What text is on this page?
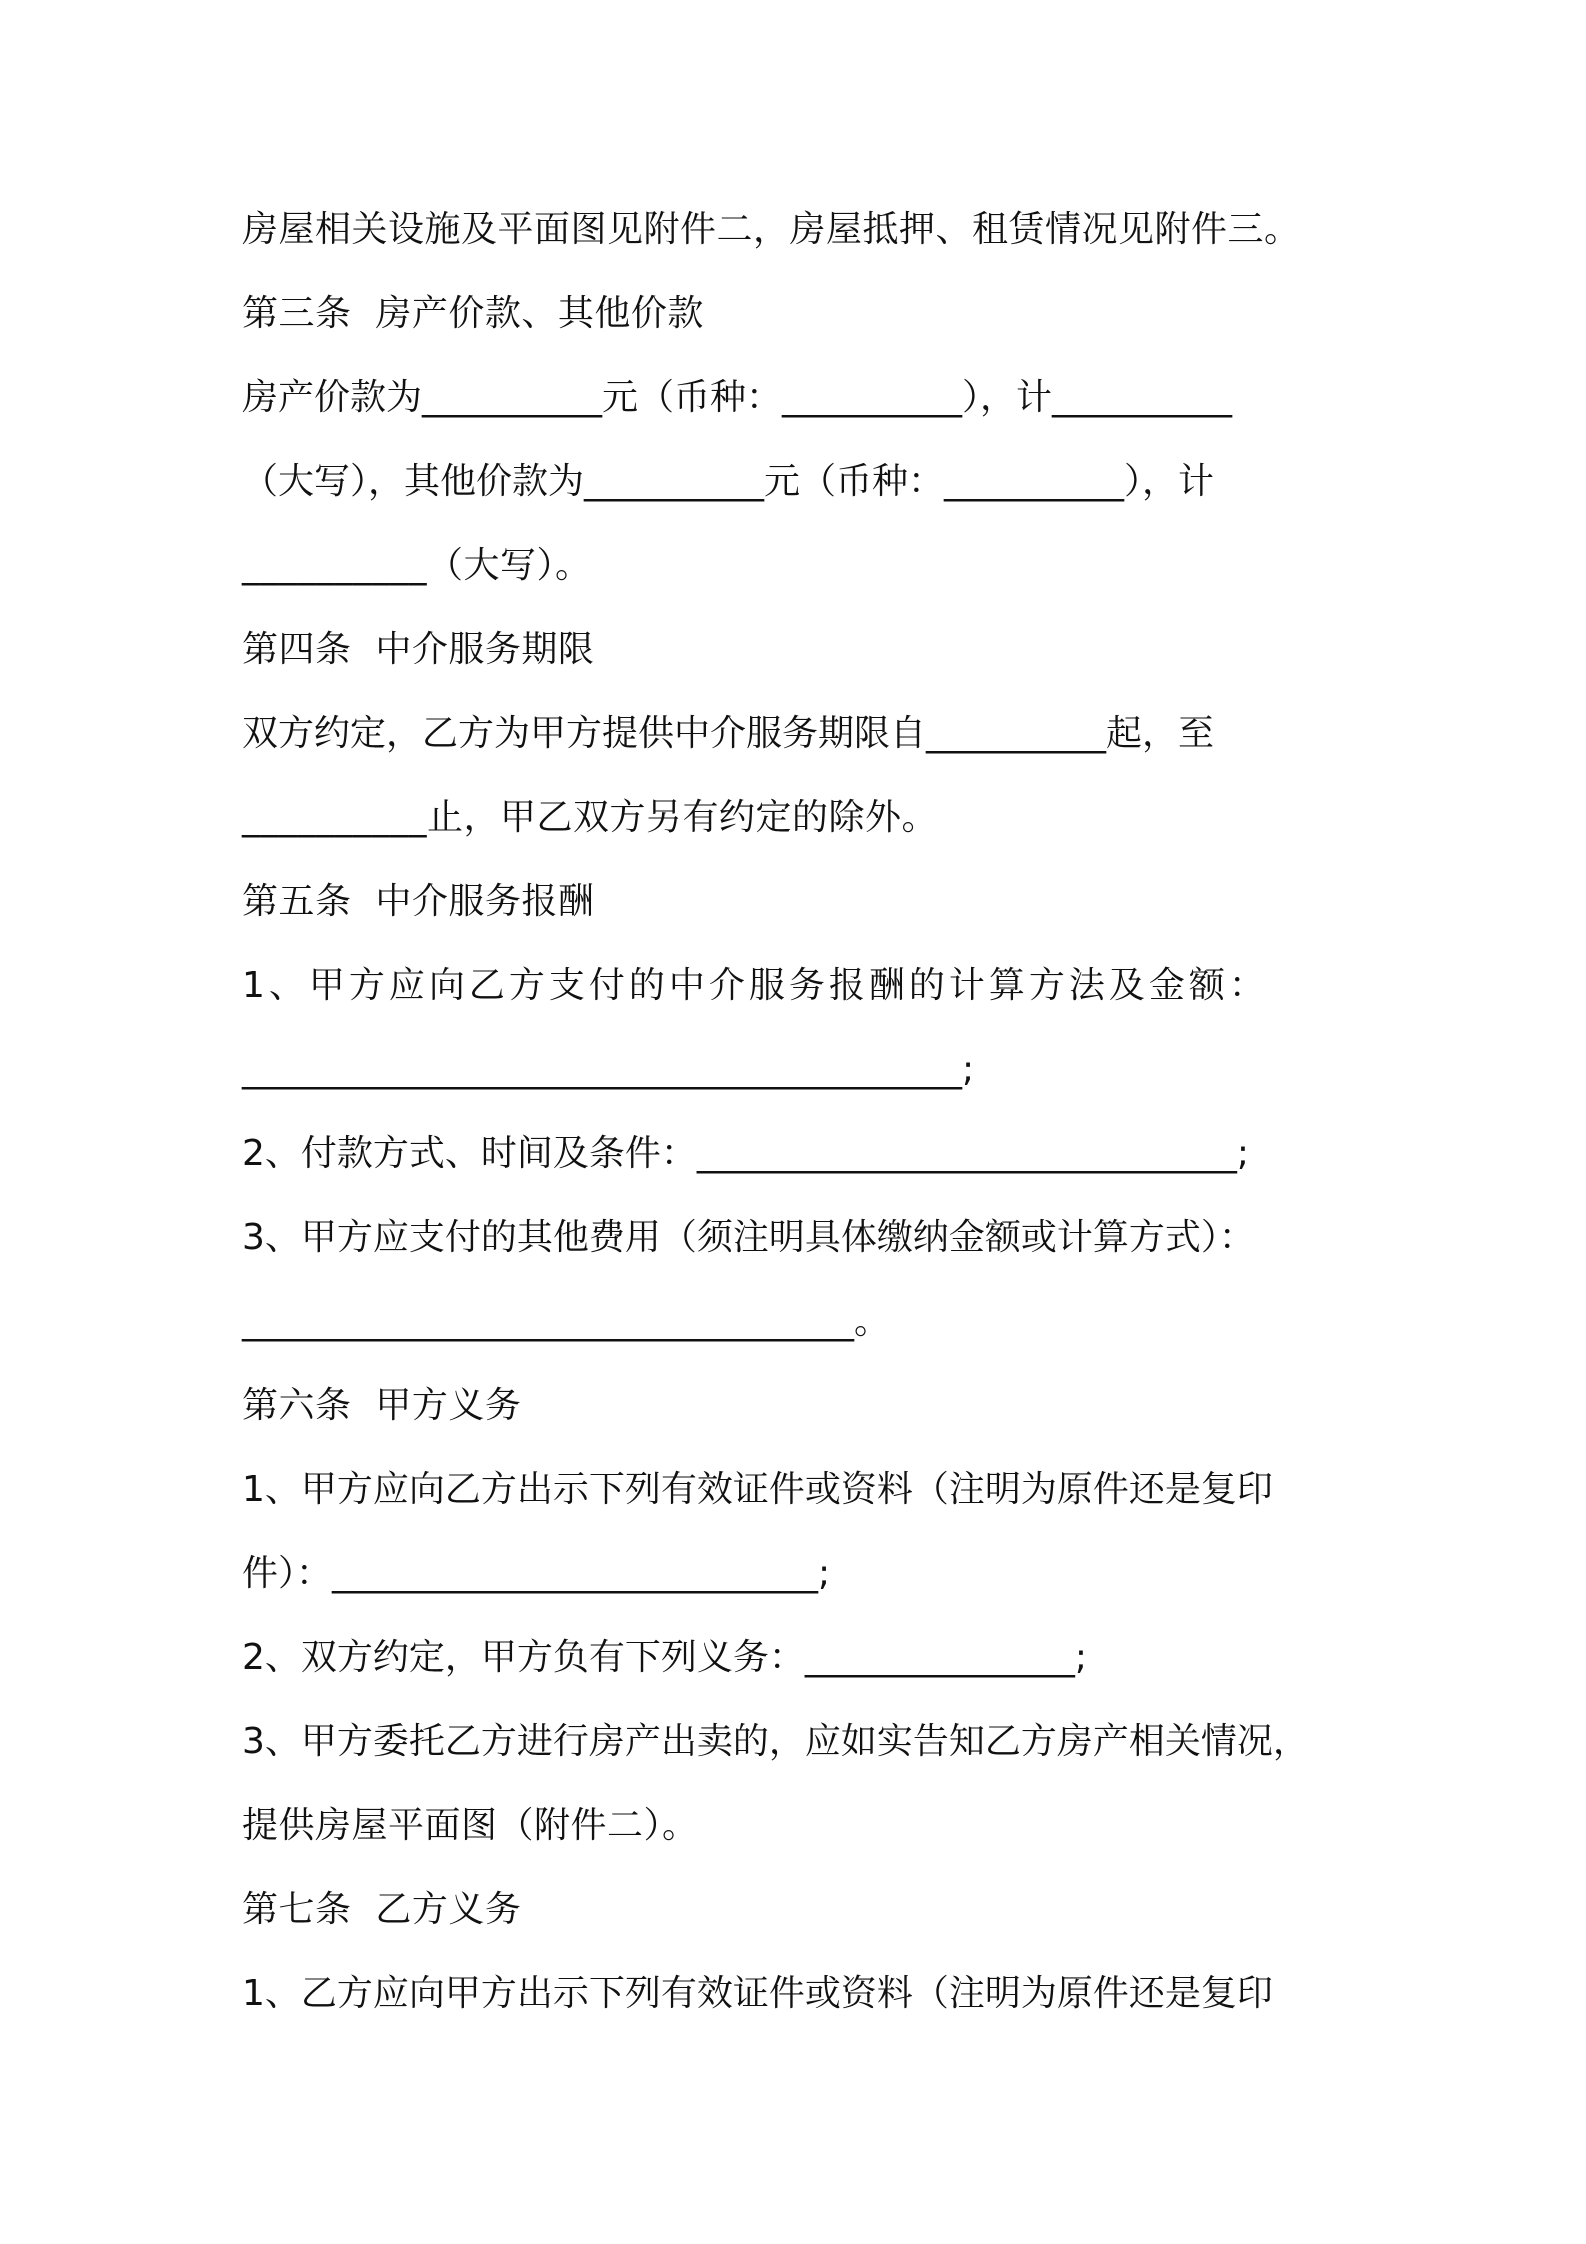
房屋相关设施及平面图见附件二，房屋抵押、租赁情况见附件三。
第三条  房产价款、其他价款
房产价款为__________元（币种：__________），计__________
（大写），其他价款为__________元（币种：__________），计
__________（大写）。
第四条  中介服务期限
双方约定，乙方为甲方提供中介服务期限自__________起，至
__________止，甲乙双方另有约定的除外。
第五条  中介服务报酬
1、甲方应向乙方支付的中介服务报酬的计算方法及金额：
________________________________________;
2、付款方式、时间及条件：______________________________;
3、甲方应支付的其他费用（须注明具体缴纳金额或计算方式）：
__________________________________。
第六条  甲方义务
1、甲方应向乙方出示下列有效证件或资料（注明为原件还是复印
件）：___________________________;
2、双方约定，甲方负有下列义务：_______________;
3、甲方委托乙方进行房产出卖的，应如实告知乙方房产相关情况，
提供房屋平面图（附件二）。
第七条  乙方义务
1、乙方应向甲方出示下列有效证件或资料（注明为原件还是复印
